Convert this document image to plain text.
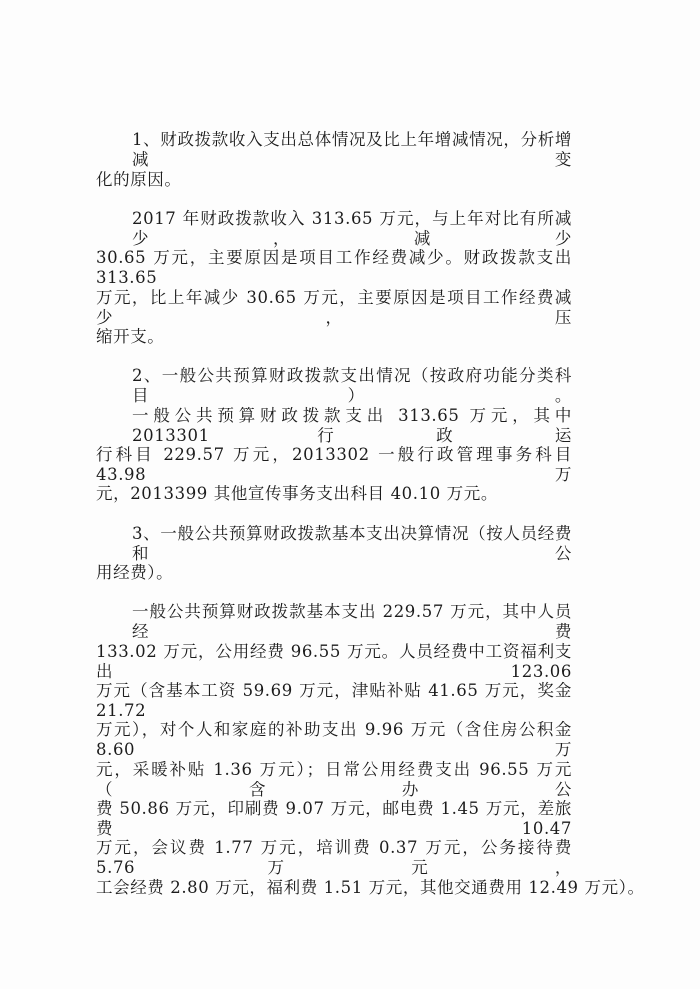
1、财政拨款收入支出总体情况及比上年增减情况，分析增减变
化的原因。
2017 年财政拨款收入 313.65 万元，与上年对比有所减少，减少
30.65 万元，主要原因是项目工作经费减少。财政拨款支出 313.65
万元，比上年减少 30.65 万元，主要原因是项目工作经费减少，压
缩开支。
2、一般公共预算财政拨款支出情况（按政府功能分类科目）。
一般公共预算财政拨款支出 313.65 万元，其中 2013301 行政运
行科目 229.57 万元，2013302 一般行政管理事务科目 43.98 万
元，2013399 其他宣传事务支出科目 40.10 万元。
3、一般公共预算财政拨款基本支出决算情况（按人员经费和公
用经费）。
一般公共预算财政拨款基本支出 229.57 万元，其中人员经费
133.02 万元，公用经费 96.55 万元。人员经费中工资福利支出 123.06
万元（含基本工资 59.69 万元，津贴补贴 41.65 万元，奖金 21.72
万元），对个人和家庭的补助支出 9.96 万元（含住房公积金 8.60 万
元，采暖补贴 1.36 万元）；日常公用经费支出 96.55 万元（含办公
费 50.86 万元，印刷费 9.07 万元，邮电费 1.45 万元，差旅费 10.47
万元，会议费 1.77 万元，培训费 0.37 万元，公务接待费 5.76 万元，
工会经费 2.80 万元，福利费 1.51 万元，其他交通费用 12.49 万元）。
